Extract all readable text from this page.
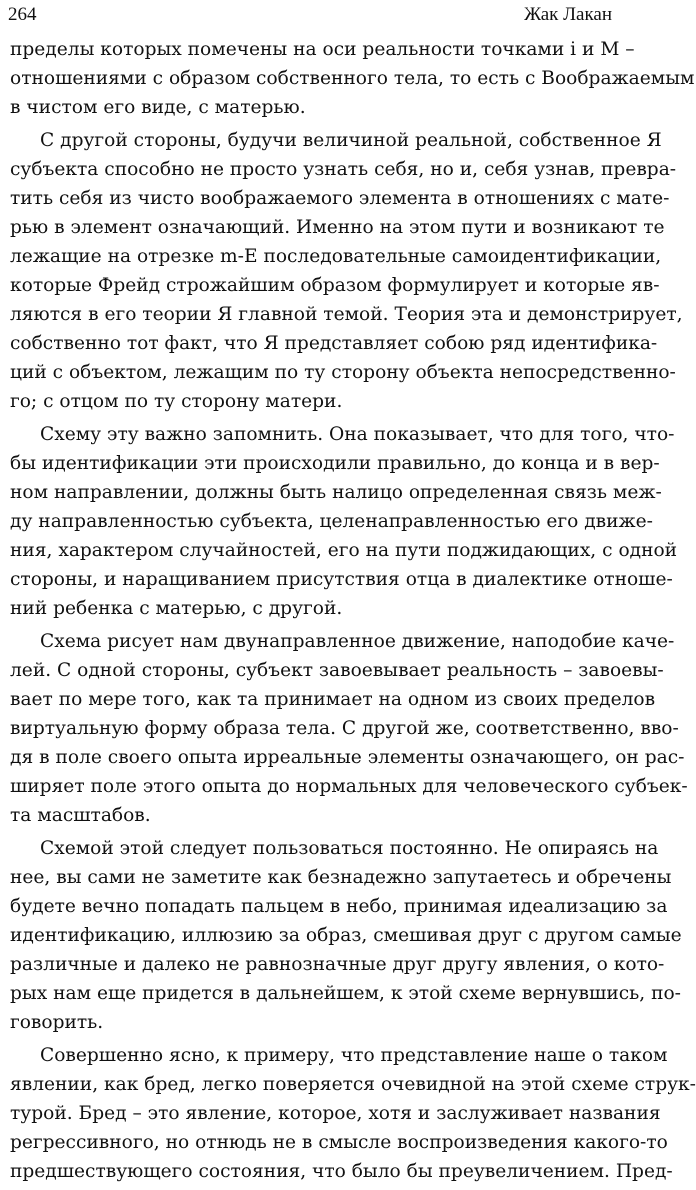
264	Жак Лакан
пределы которых помечены на оси реальности точками i и M –
отношениями с образом собственного тела, то есть с Воображаемым
в чистом его виде, с матерью.
С другой стороны, будучи величиной реальной, собственное Я
субъекта способно не просто узнать себя, но и, себя узнав, превра-
тить себя из чисто воображаемого элемента в отношениях с мате-
рью в элемент означающий. Именно на этом пути и возникают те
лежащие на отрезке m-E последовательные самоидентификации,
которые Фрейд строжайшим образом формулирует и которые яв-
ляются в его теории Я главной темой. Теория эта и демонстрирует,
собственно тот факт, что Я представляет собою ряд идентифика-
ций с объектом, лежащим по ту сторону объекта непосредственно-
го; с отцом по ту сторону матери.
Схему эту важно запомнить. Она показывает, что для того, что-
бы идентификации эти происходили правильно, до конца и в вер-
ном направлении, должны быть налицо определенная связь меж-
ду направленностью субъекта, целенаправленностью его движе-
ния, характером случайностей, его на пути поджидающих, с одной
стороны, и наращиванием присутствия отца в диалектике отноше-
ний ребенка с матерью, с другой.
Схема рисует нам двунаправленное движение, наподобие каче-
лей. С одной стороны, субъект завоевывает реальность – завоевы-
вает по мере того, как та принимает на одном из своих пределов
виртуальную форму образа тела. С другой же, соответственно, вво-
дя в поле своего опыта ирреальные элементы означающего, он рас-
ширяет поле этого опыта до нормальных для человеческого субъек-
та масштабов.
Схемой этой следует пользоваться постоянно. Не опираясь на
нее, вы сами не заметите как безнадежно запутаетесь и обречены
будете вечно попадать пальцем в небо, принимая идеализацию за
идентификацию, иллюзию за образ, смешивая друг с другом самые
различные и далеко не равнозначные друг другу явления, о кото-
рых нам еще придется в дальнейшем, к этой схеме вернувшись, по-
говорить.
Совершенно ясно, к примеру, что представление наше о таком
явлении, как бред, легко поверяется очевидной на этой схеме струк-
турой. Бред – это явление, которое, хотя и заслуживает названия
регрессивного, но отнюдь не в смысле воспроизведения какого-то
предшествующего состояния, что было бы преувеличением. Пред-
